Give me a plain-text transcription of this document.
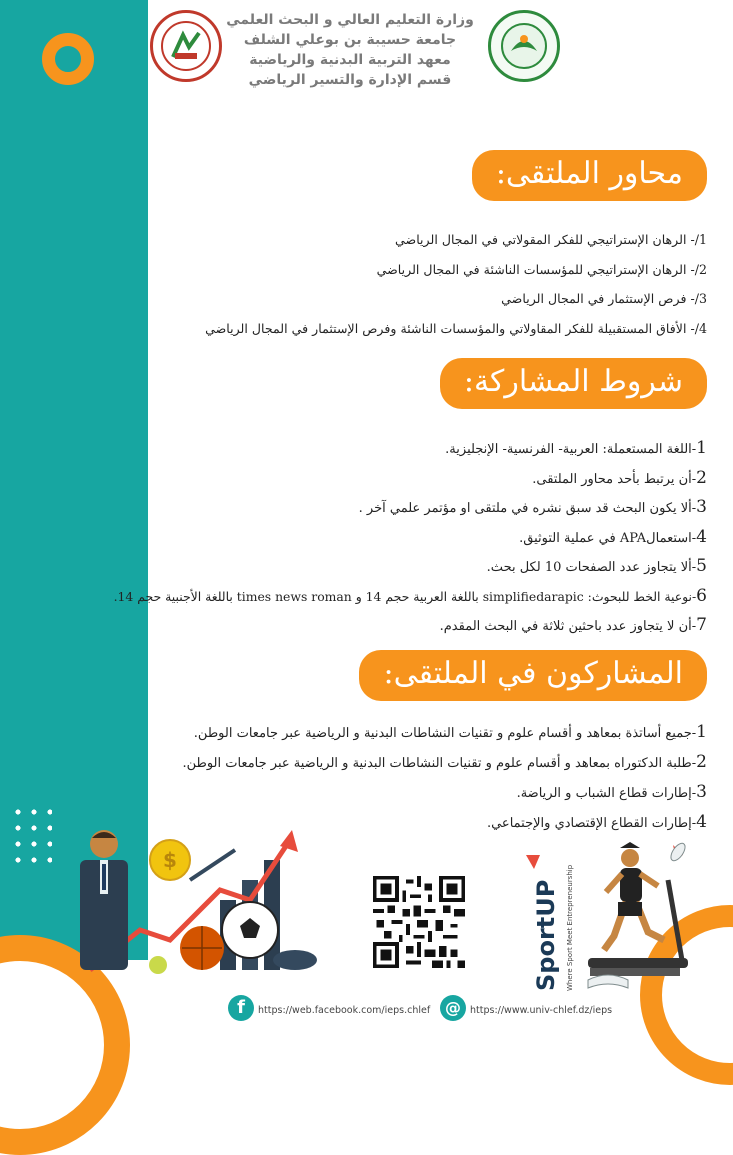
وزارة التعليم العالي و البحث العلمي
جامعة حسيبة بن بوعلي الشلف
معهد التربية البدنية والرياضية
قسم الإدارة والتسير الرياضي
محاور الملتقى:
1/- الرهان الإستراتيجي للفكر المقولاتي في المجال الرياضي
2/- الرهان الإستراتيجي للمؤسسات الناشئة في المجال الرياضي
3/- فرص الإستثمار في المجال الرياضي
4/- الأفاق المستقبيلة للفكر المقاولاتي والمؤسسات الناشئة وفرص الإستثمار في المجال الرياضي
شروط المشاركة:
1-اللغة المستعملة: العربية- الفرنسية- الإنجليزية.
2-أن يرتبط بأحد محاور الملتقى.
3-ألا يكون البحث قد سبق نشره في ملتقى او مؤتمر علمي آخر .
4-استعمالAPA في عملية التوثيق.
5-ألا يتجاوز عدد الصفحات 10 لكل بحث.
6-نوعية الخط للبحوث: simplifiedarapic باللغة العربية حجم 14 و times news roman باللغة الأجنبية حجم 14.
7-أن لا يتجاوز عدد باحثين ثلاثة في البحث المقدم.
المشاركون في الملتقى:
1-جميع أساتذة بمعاهد و أقسام علوم و تقنيات النشاطات البدنية و الرياضية عبر جامعات الوطن.
2-طلبة الدكتوراه بمعاهد و أقسام علوم و تقنيات النشاطات البدنية و الرياضية عبر جامعات الوطن.
3-إطارات قطاع الشباب و الرياضة.
4-إطارات القطاع الإقتصادي والإجتماعي.
$
SportUP Where Sport Meet Entrepreneurship
f	https://web.facebook.com/ieps.chlef @ https://www.univ-chlef.dz/ieps
